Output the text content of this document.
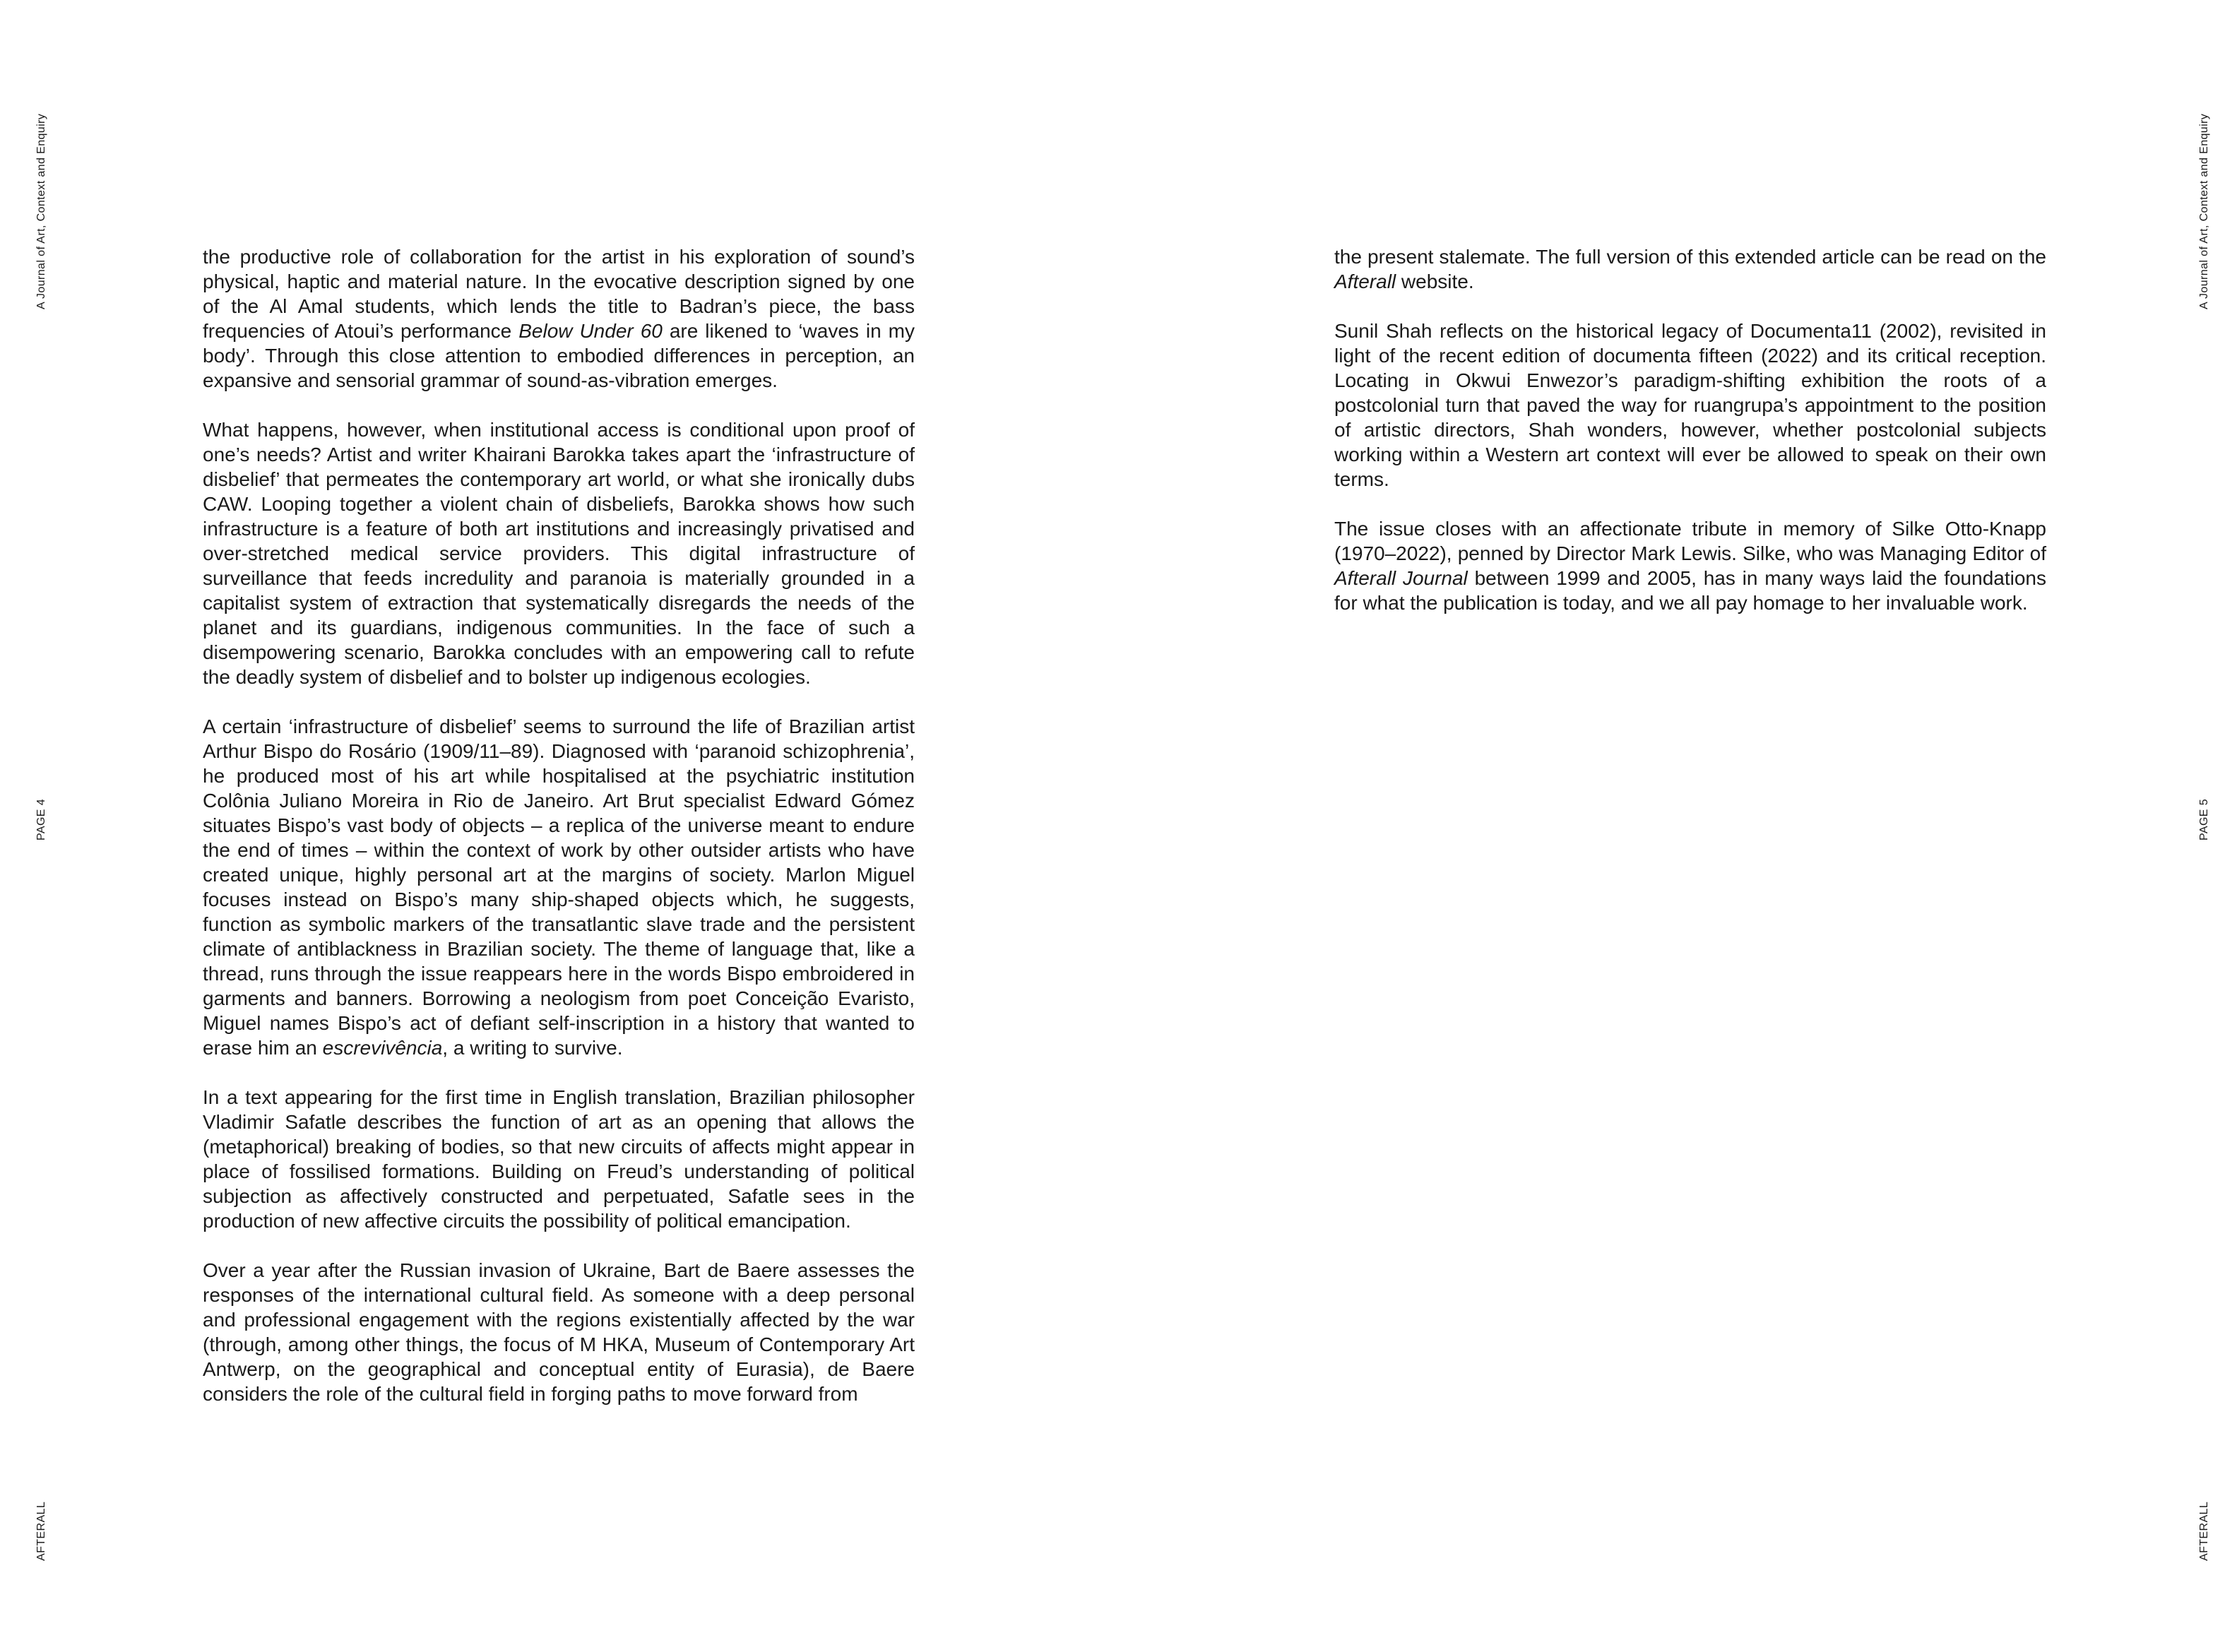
A Journal of Art, Context and Enquiry
PAGE 4
AFTERALL

the productive role of collaboration for the artist in his exploration of sound’s physical, haptic and material nature. In the evocative description signed by one of the Al Amal students, which lends the title to Badran’s piece, the bass frequencies of Atoui’s performance Below Under 60 are likened to ‘waves in my body’. Through this close attention to embodied differences in perception, an expansive and sensorial grammar of sound-as-vibration emerges.

What happens, however, when institutional access is conditional upon proof of one’s needs? Artist and writer Khairani Barokka takes apart the ‘infrastructure of disbelief’ that permeates the contemporary art world, or what she ironically dubs CAW. Looping together a violent chain of disbeliefs, Barokka shows how such infrastructure is a feature of both art institutions and increasingly privatised and over-stretched medical service providers. This digital infrastructure of surveillance that feeds incredulity and paranoia is materially grounded in a capitalist system of extraction that systematically disregards the needs of the planet and its guardians, indigenous communities. In the face of such a disempowering scenario, Barokka concludes with an empowering call to refute the deadly system of disbelief and to bolster up indigenous ecologies.

A certain ‘infrastructure of disbelief’ seems to surround the life of Brazilian artist Arthur Bispo do Rosário (1909/11–89). Diagnosed with ‘paranoid schizophrenia’, he produced most of his art while hospitalised at the psychiatric institution Colônia Juliano Moreira in Rio de Janeiro. Art Brut specialist Edward Gómez situates Bispo’s vast body of objects – a replica of the universe meant to endure the end of times – within the context of work by other outsider artists who have created unique, highly personal art at the margins of society. Marlon Miguel focuses instead on Bispo’s many ship-shaped objects which, he suggests, function as symbolic markers of the transatlantic slave trade and the persistent climate of antiblackness in Brazilian society. The theme of language that, like a thread, runs through the issue reappears here in the words Bispo embroidered in garments and banners. Borrowing a neologism from poet Conceição Evaristo, Miguel names Bispo’s act of defiant self-inscription in a history that wanted to erase him an escrevivência, a writing to survive.

In a text appearing for the first time in English translation, Brazilian philosopher Vladimir Safatle describes the function of art as an opening that allows the (metaphorical) breaking of bodies, so that new circuits of affects might appear in place of fossilised formations. Building on Freud’s understanding of political subjection as affectively constructed and perpetuated, Safatle sees in the production of new affective circuits the possibility of political emancipation.

Over a year after the Russian invasion of Ukraine, Bart de Baere assesses the responses of the international cultural field. As someone with a deep personal and professional engagement with the regions existentially affected by the war (through, among other things, the focus of M HKA, Museum of Contemporary Art Antwerp, on the geographical and conceptual entity of Eurasia), de Baere considers the role of the cultural field in forging paths to move forward from

A Journal of Art, Context and Enquiry
PAGE 5
AFTERALL

the present stalemate. The full version of this extended article can be read on the Afterall website.

Sunil Shah reflects on the historical legacy of Documenta11 (2002), revisited in light of the recent edition of documenta fifteen (2022) and its critical reception. Locating in Okwui Enwezor’s paradigm-shifting exhibition the roots of a postcolonial turn that paved the way for ruangrupa’s appointment to the position of artistic directors, Shah wonders, however, whether postcolonial subjects working within a Western art context will ever be allowed to speak on their own terms.

The issue closes with an affectionate tribute in memory of Silke Otto-Knapp (1970–2022), penned by Director Mark Lewis. Silke, who was Managing Editor of Afterall Journal between 1999 and 2005, has in many ways laid the foundations for what the publication is today, and we all pay homage to her invaluable work.
